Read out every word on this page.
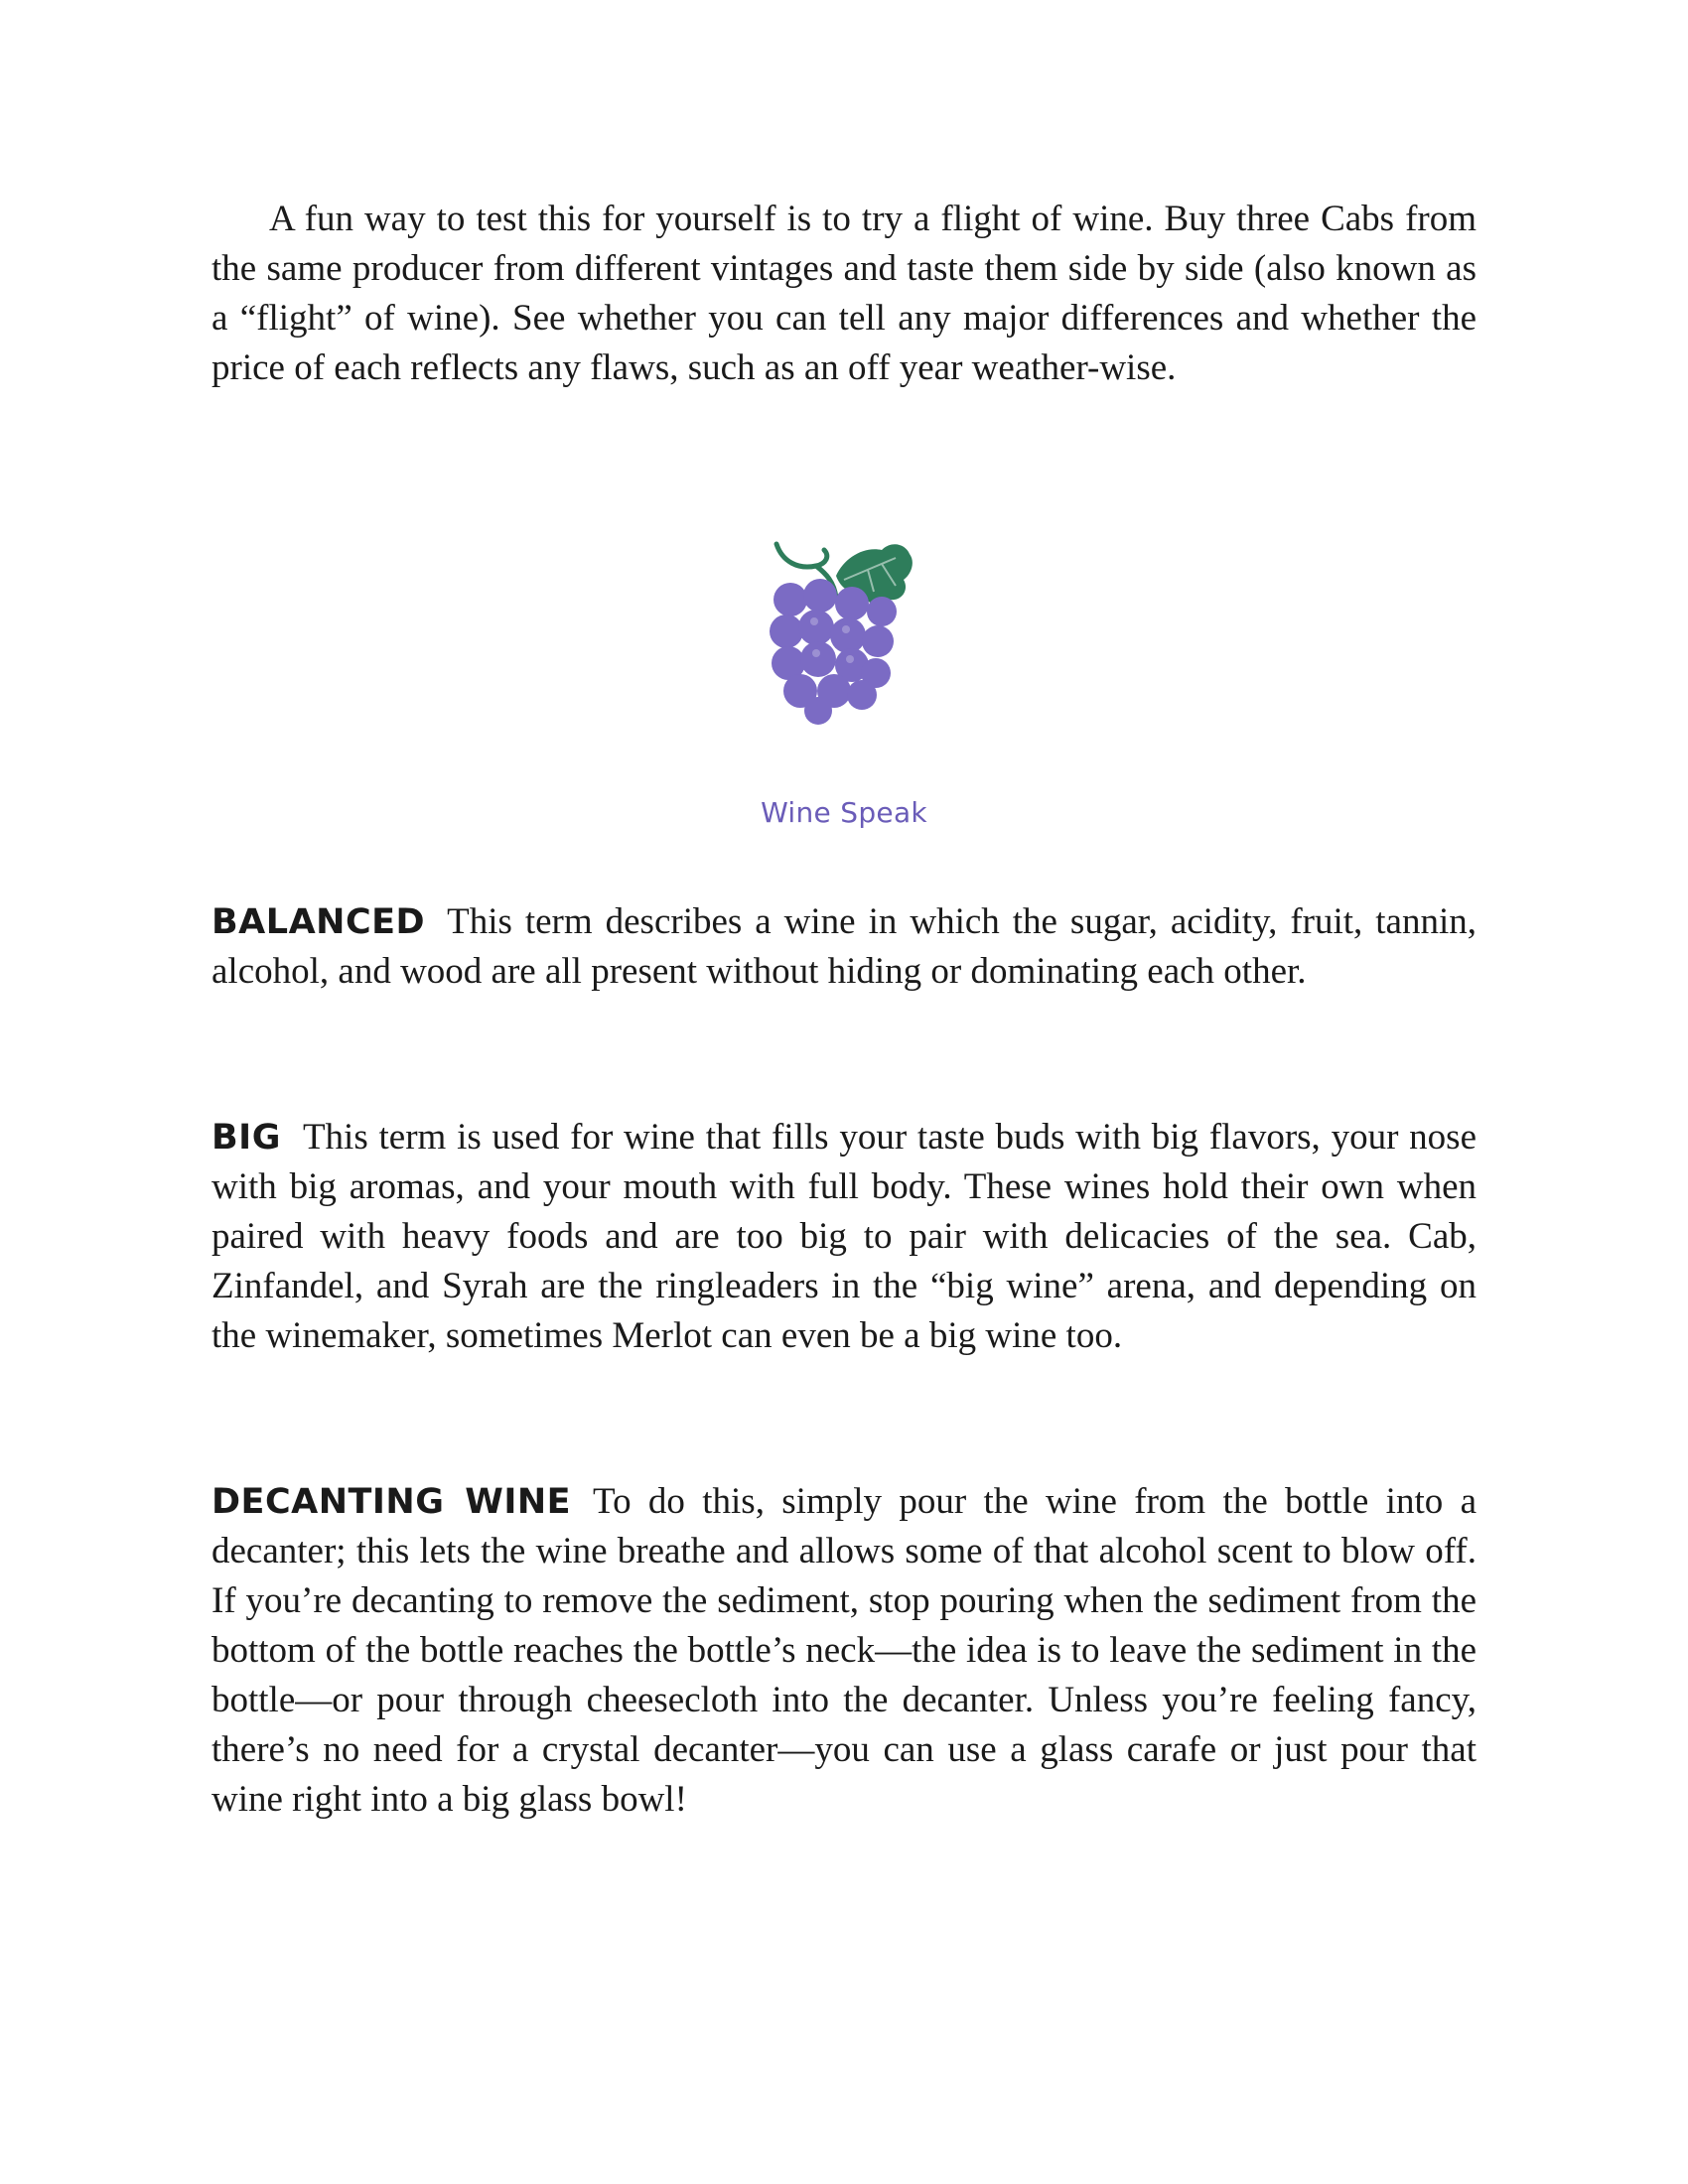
A fun way to test this for yourself is to try a flight of wine. Buy three Cabs from the same producer from different vintages and taste them side by side (also known as a “flight” of wine). See whether you can tell any major differences and whether the price of each reflects any flaws, such as an off year weather-wise.

Wine Speak

BALANCED This term describes a wine in which the sugar, acidity, fruit, tannin, alcohol, and wood are all present without hiding or dominating each other.

BIG This term is used for wine that fills your taste buds with big flavors, your nose with big aromas, and your mouth with full body. These wines hold their own when paired with heavy foods and are too big to pair with delicacies of the sea. Cab, Zinfandel, and Syrah are the ringleaders in the “big wine” arena, and depending on the winemaker, sometimes Merlot can even be a big wine too.

DECANTING WINE To do this, simply pour the wine from the bottle into a decanter; this lets the wine breathe and allows some of that alcohol scent to blow off. If you’re decanting to remove the sediment, stop pouring when the sediment from the bottom of the bottle reaches the bottle’s neck—the idea is to leave the sediment in the bottle—or pour through cheesecloth into the decanter. Unless you’re feeling fancy, there’s no need for a crystal decanter—you can use a glass carafe or just pour that wine right into a big glass bowl!
